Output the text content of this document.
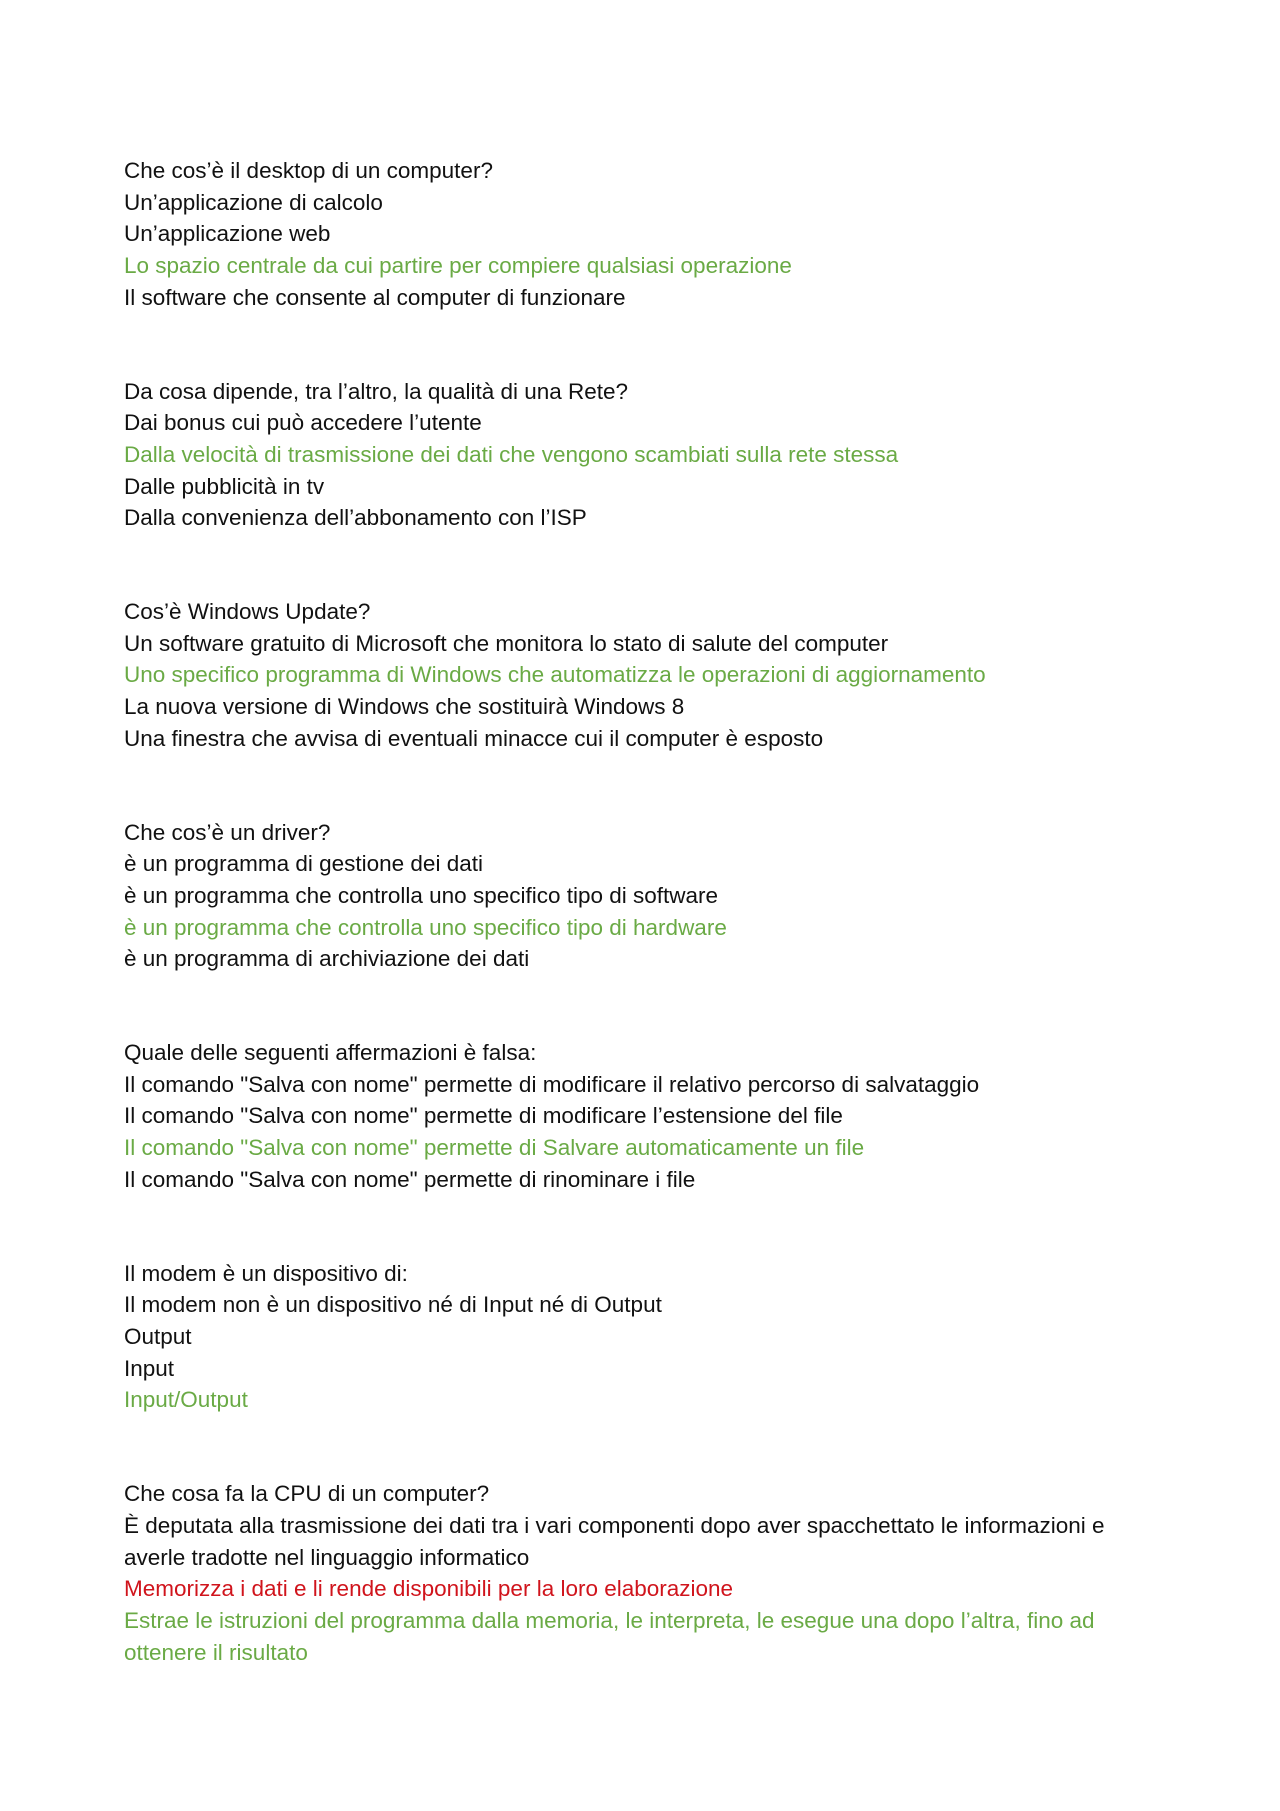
Che cos’è il desktop di un computer?
Un’applicazione di calcolo
Un’applicazione web
Lo spazio centrale da cui partire per compiere qualsiasi operazione
Il software che consente al computer di funzionare
Da cosa dipende, tra l’altro, la qualità di una Rete?
Dai bonus cui può accedere l’utente
Dalla velocità di trasmissione dei dati che vengono scambiati sulla rete stessa
Dalle pubblicità in tv
Dalla convenienza dell’abbonamento con l’ISP
Cos’è Windows Update?
Un software gratuito di Microsoft che monitora lo stato di salute del computer
Uno specifico programma di Windows che automatizza le operazioni di aggiornamento
La nuova versione di Windows che sostituirà Windows 8
Una finestra che avvisa di eventuali minacce cui il computer è esposto
Che cos’è un driver?
è un programma di gestione dei dati
è un programma che controlla uno specifico tipo di software
è un programma che controlla uno specifico tipo di hardware
è un programma di archiviazione dei dati
Quale delle seguenti affermazioni è falsa:
Il comando "Salva con nome" permette di modificare il relativo percorso di salvataggio
Il comando "Salva con nome" permette di modificare l’estensione del file
Il comando "Salva con nome" permette di Salvare automaticamente un file
Il comando "Salva con nome" permette di rinominare i file
Il modem è un dispositivo di:
Il modem non è un dispositivo né di Input né di Output
Output
Input
Input/Output
Che cosa fa la CPU di un computer?
È deputata alla trasmissione dei dati tra i vari componenti dopo aver spacchettato le informazioni e averle tradotte nel linguaggio informatico
Memorizza i dati e li rende disponibili per la loro elaborazione
Estrae le istruzioni del programma dalla memoria, le interpreta, le esegue una dopo l’altra, fino ad ottenere il risultato
